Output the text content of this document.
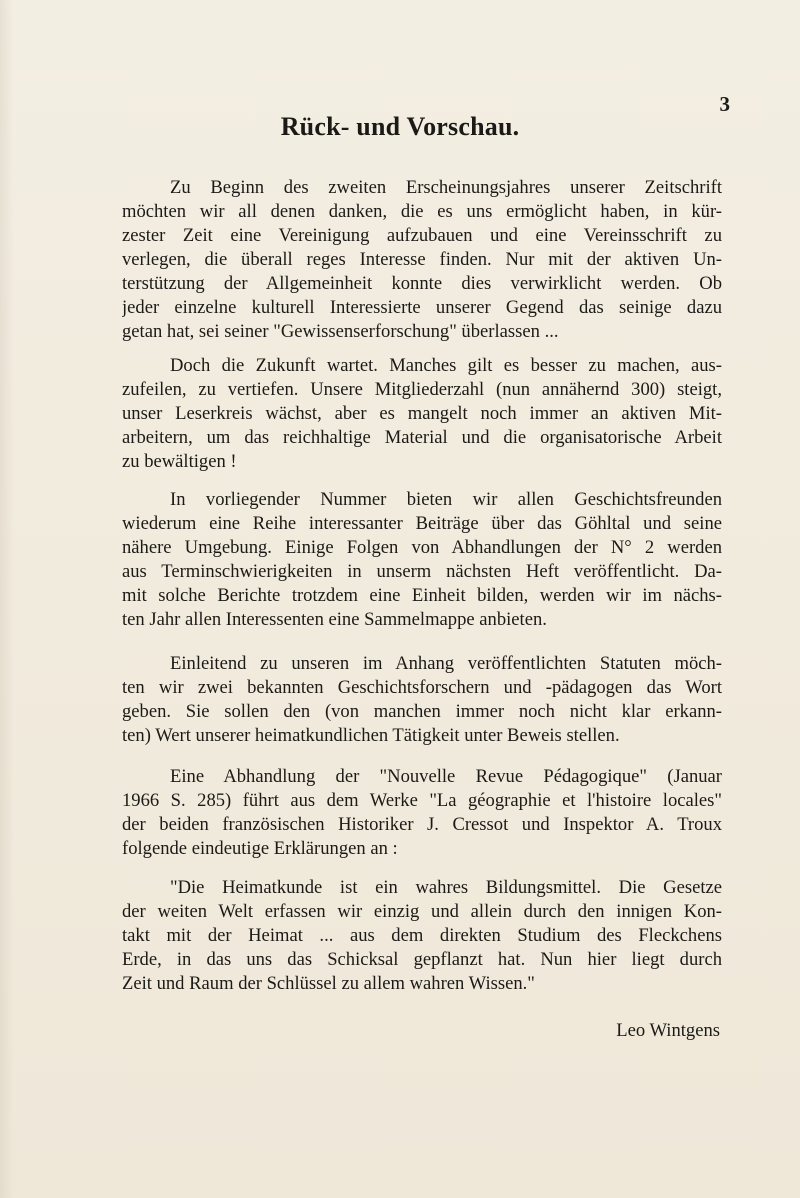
3
Rück- und Vorschau.
Zu Beginn des zweiten Erscheinungsjahres unserer Zeitschrift
möchten wir all denen danken, die es uns ermöglicht haben, in kür-
zester Zeit eine Vereinigung aufzubauen und eine Vereinsschrift zu
verlegen, die überall reges Interesse finden. Nur mit der aktiven Un-
terstützung der Allgemeinheit konnte dies verwirklicht werden. Ob
jeder einzelne kulturell Interessierte unserer Gegend das seinige dazu
getan hat, sei seiner "Gewissenserforschung" überlassen ...
Doch die Zukunft wartet. Manches gilt es besser zu machen, aus-
zufeilen, zu vertiefen. Unsere Mitgliederzahl (nun annähernd 300) steigt,
unser Leserkreis wächst, aber es mangelt noch immer an aktiven Mit-
arbeitern, um das reichhaltige Material und die organisatorische Arbeit
zu bewältigen !
In vorliegender Nummer bieten wir allen Geschichtsfreunden
wiederum eine Reihe interessanter Beiträge über das Göhltal und seine
nähere Umgebung. Einige Folgen von Abhandlungen der N° 2 werden
aus Terminschwierigkeiten in unserm nächsten Heft veröffentlicht. Da-
mit solche Berichte trotzdem eine Einheit bilden, werden wir im nächs-
ten Jahr allen Interessenten eine Sammelmappe anbieten.
Einleitend zu unseren im Anhang veröffentlichten Statuten möch-
ten wir zwei bekannten Geschichtsforschern und -pädagogen das Wort
geben. Sie sollen den (von manchen immer noch nicht klar erkann-
ten) Wert unserer heimatkundlichen Tätigkeit unter Beweis stellen.
Eine Abhandlung der "Nouvelle Revue Pédagogique" (Januar
1966 S. 285) führt aus dem Werke "La géographie et l'histoire locales"
der beiden französischen Historiker J. Cressot und Inspektor A. Troux
folgende eindeutige Erklärungen an :
"Die Heimatkunde ist ein wahres Bildungsmittel. Die Gesetze
der weiten Welt erfassen wir einzig und allein durch den innigen Kon-
takt mit der Heimat ... aus dem direkten Studium des Fleckchens
Erde, in das uns das Schicksal gepflanzt hat. Nun hier liegt durch
Zeit und Raum der Schlüssel zu allem wahren Wissen."
Leo Wintgens
